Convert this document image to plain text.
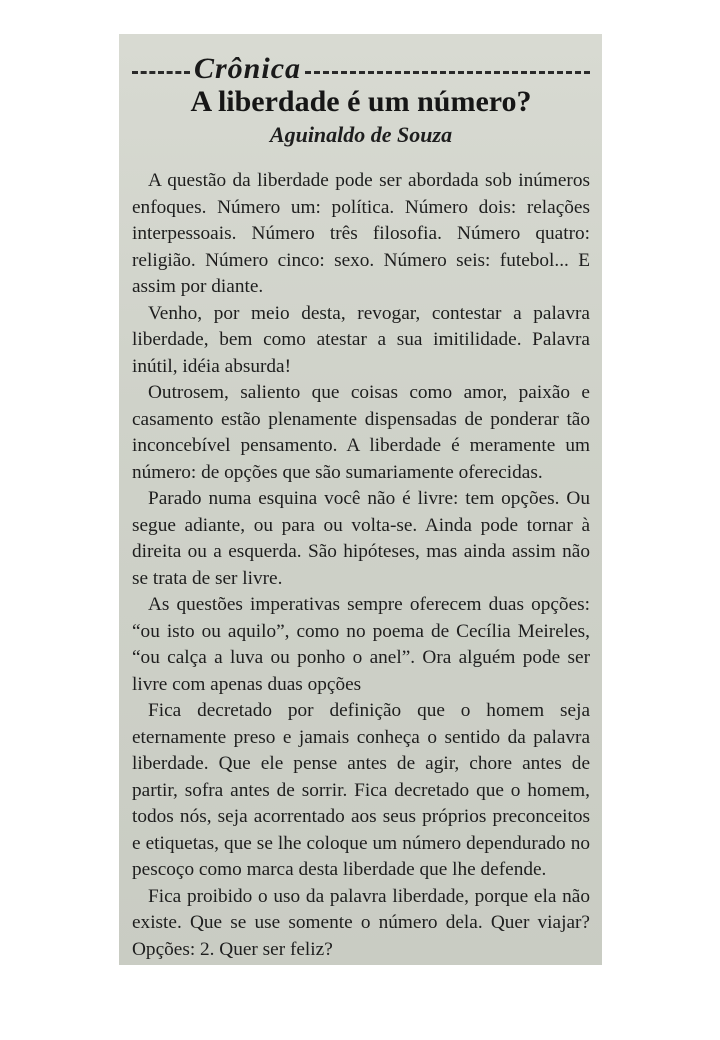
Crônica
A liberdade é um número?
Aguinaldo de Souza

A questão da liberdade pode ser abordada sob inúmeros enfoques. Número um: política. Número dois: relações interpessoais. Número três filosofia. Número quatro: religião. Número cinco: sexo. Número seis: futebol... E assim por diante.

Venho, por meio desta, revogar, contestar a palavra liberdade, bem como atestar a sua imitilidade. Palavra inútil, idéia absurda!

Outrosem, saliento que coisas como amor, paixão e casamento estão plenamente dispensadas de ponderar tão inconcebível pensamento. A liberdade é meramente um número: de opções que são sumariamente oferecidas.

Parado numa esquina você não é livre: tem opções. Ou segue adiante, ou para ou volta-se. Ainda pode tornar à direita ou a esquerda. São hipóteses, mas ainda assim não se trata de ser livre.

As questões imperativas sempre oferecem duas opções: “ou isto ou aquilo”, como no poema de Cecília Meireles, “ou calça a luva ou ponho o anel”. Ora alguém pode ser livre com apenas duas opções

Fica decretado por definição que o homem seja eternamente preso e jamais conheça o sentido da palavra liberdade. Que ele pense antes de agir, chore antes de partir, sofra antes de sorrir. Fica decretado que o homem, todos nós, seja acorrentado aos seus próprios preconceitos e etiquetas, que se lhe coloque um número dependurado no pescoço como marca desta liberdade que lhe defende.

Fica proibido o uso da palavra liberdade, porque ela não existe. Que se use somente o número dela. Quer viajar? Opções: 2. Quer ser feliz?
